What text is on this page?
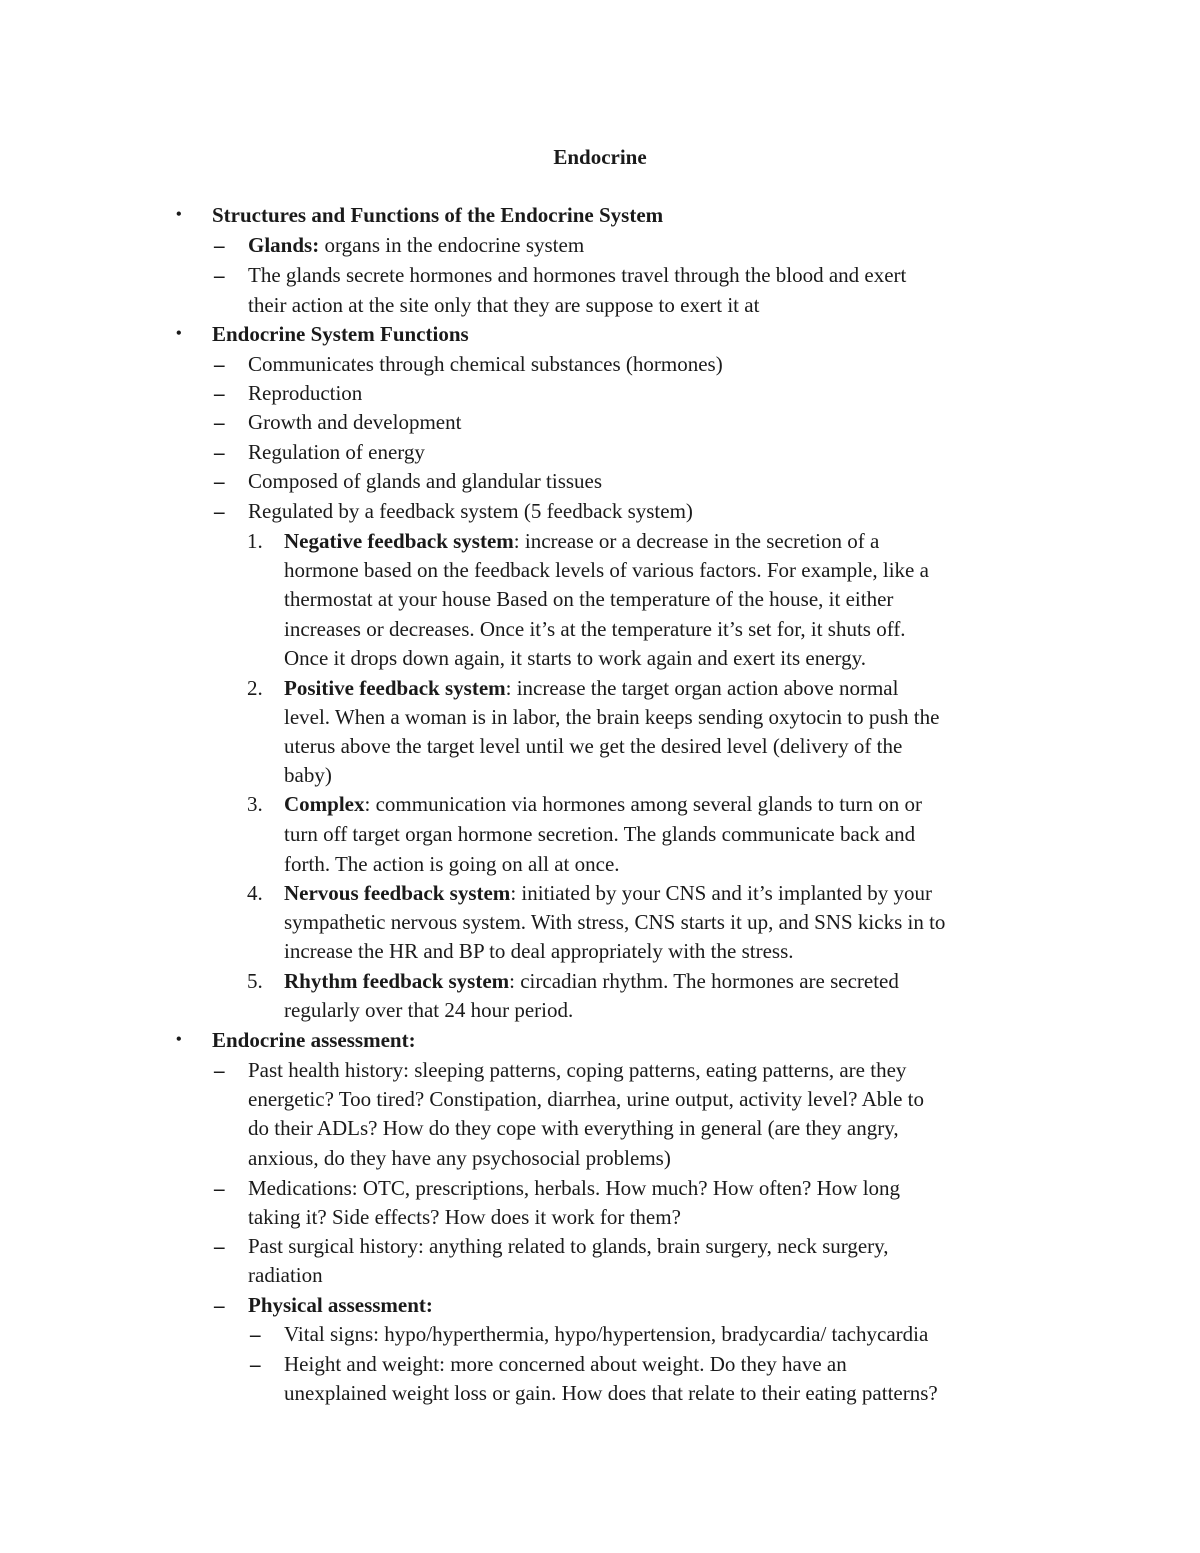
Endocrine
• Structures and Functions of the Endocrine System
– Glands: organs in the endocrine system
– The glands secrete hormones and hormones travel through the blood and exert
their action at the site only that they are suppose to exert it at
• Endocrine System Functions
– Communicates through chemical substances (hormones)
– Reproduction
– Growth and development
– Regulation of energy
– Composed of glands and glandular tissues
– Regulated by a feedback system (5 feedback system)
1. Negative feedback system: increase or a decrease in the secretion of a
hormone based on the feedback levels of various factors. For example, like a
thermostat at your house Based on the temperature of the house, it either
increases or decreases. Once it’s at the temperature it’s set for, it shuts off.
Once it drops down again, it starts to work again and exert its energy.
2. Positive feedback system: increase the target organ action above normal
level. When a woman is in labor, the brain keeps sending oxytocin to push the
uterus above the target level until we get the desired level (delivery of the
baby)
3. Complex: communication via hormones among several glands to turn on or
turn off target organ hormone secretion. The glands communicate back and
forth. The action is going on all at once.
4. Nervous feedback system: initiated by your CNS and it’s implanted by your
sympathetic nervous system. With stress, CNS starts it up, and SNS kicks in to
increase the HR and BP to deal appropriately with the stress.
5. Rhythm feedback system: circadian rhythm. The hormones are secreted
regularly over that 24 hour period.
• Endocrine assessment:
– Past health history: sleeping patterns, coping patterns, eating patterns, are they
energetic? Too tired? Constipation, diarrhea, urine output, activity level? Able to
do their ADLs? How do they cope with everything in general (are they angry,
anxious, do they have any psychosocial problems)
– Medications: OTC, prescriptions, herbals. How much? How often? How long
taking it? Side effects? How does it work for them?
– Past surgical history: anything related to glands, brain surgery, neck surgery,
radiation
– Physical assessment:
– Vital signs: hypo/hyperthermia, hypo/hypertension, bradycardia/ tachycardia
– Height and weight: more concerned about weight. Do they have an
unexplained weight loss or gain. How does that relate to their eating patterns?
